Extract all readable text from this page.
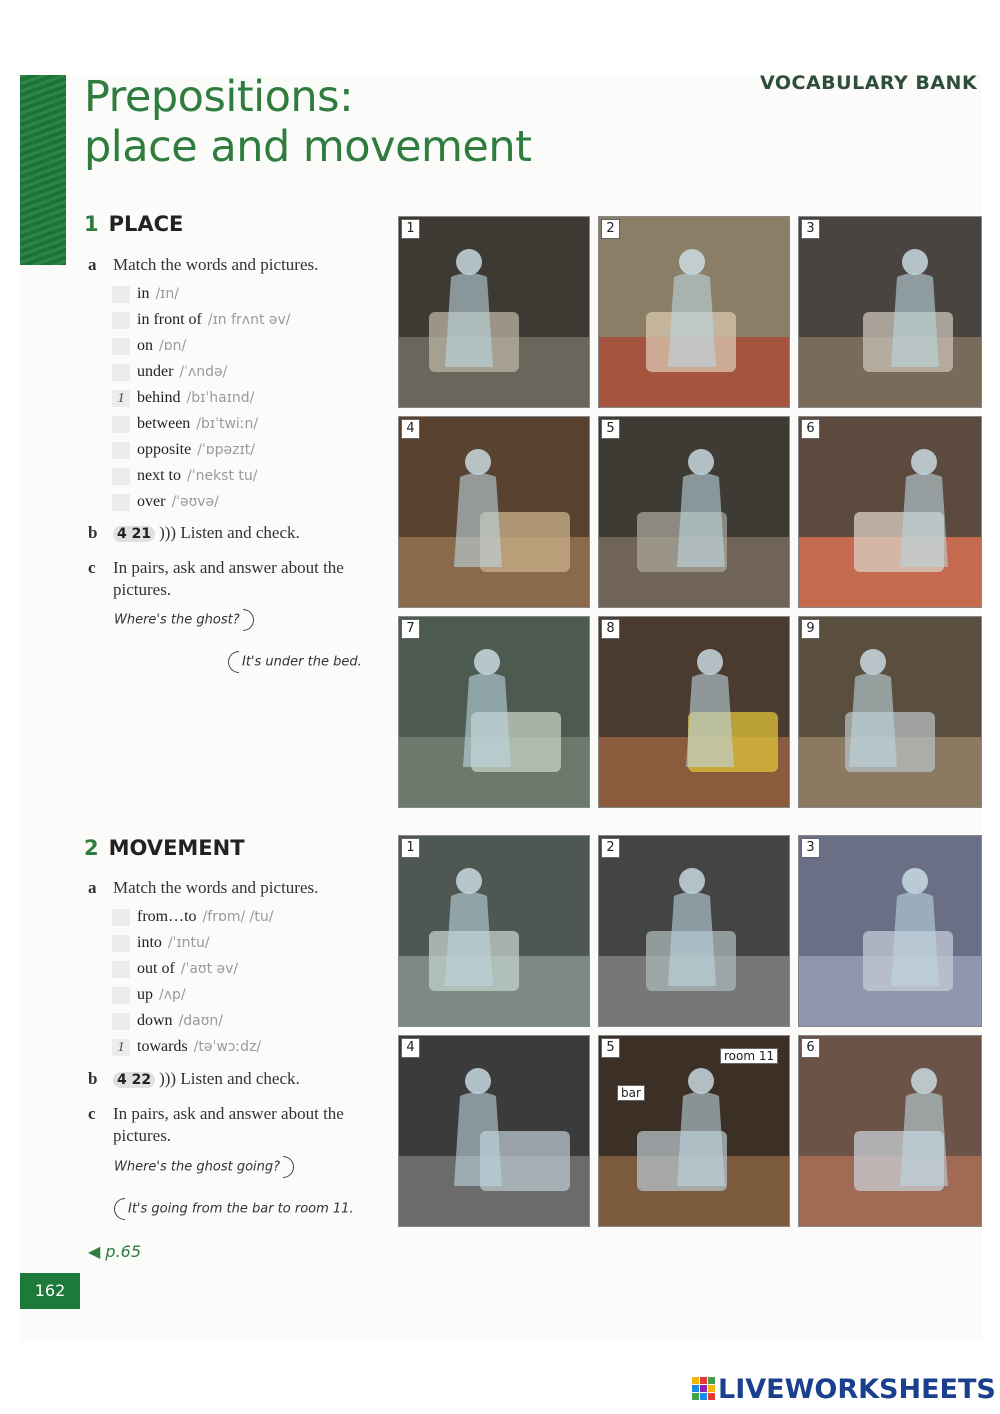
Prepositions:
place and movement
VOCABULARY BANK
1 PLACE
a Match the words and pictures.
in /ɪn/
in front of /ɪn frʌnt əv/
on /ɒn/
under /ˈʌndə/
1 behind /bɪˈhaɪnd/
between /bɪˈtwiːn/
opposite /ˈɒpəzɪt/
next to /ˈnekst tu/
over /ˈəʊvə/
b 4 21 ))) Listen and check.
c In pairs, ask and answer about the
pictures.
Where's the ghost?
It's under the bed.
1	2	3
4	5	6
7	8	9
2 MOVEMENT
a Match the words and pictures.
from…to /frɒm/ /tu/
into /ˈɪntu/
out of /ˈaʊt əv/
up /ʌp/
down /daʊn/
1 towards /təˈwɔːdz/
b 4 22 ))) Listen and check.
c In pairs, ask and answer about the
pictures.
Where's the ghost going?
It's going from the bar to room 11.
1	2	3
4	5	6
room 11
bar
◀ p.65
162
LIVEWORKSHEETS
